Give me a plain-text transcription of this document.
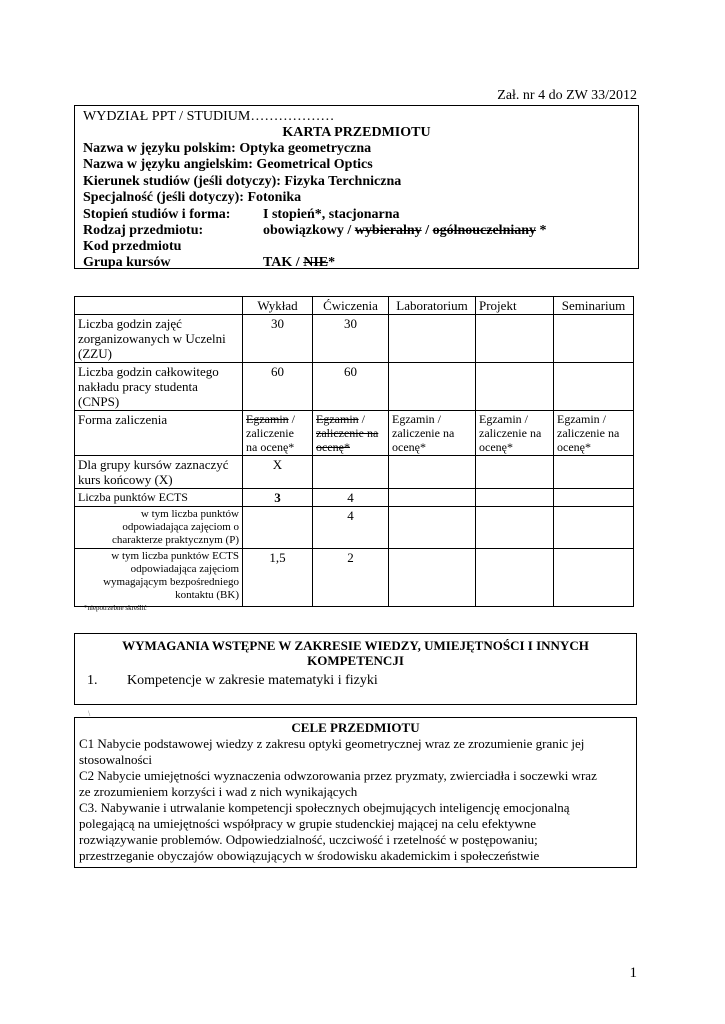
Zał. nr 4 do ZW 33/2012
WYDZIAŁ PPT / STUDIUM………………
KARTA PRZEDMIOTU
Nazwa w języku polskim: Optyka geometryczna
Nazwa w języku angielskim: Geometrical Optics
Kierunek studiów (jeśli dotyczy): Fizyka Terchniczna
Specjalność (jeśli dotyczy): Fotonika
Stopień studiów i forma: I stopień*, stacjonarna
Rodzaj przedmiotu:	obowiązkowy / wybieralny / ogólnouczelniany *
Kod przedmiotu
Grupa kursów	TAK / NIE*
	Wykład	Ćwiczenia	Laboratorium	Projekt	Seminarium
Liczba godzin zajęć zorganizowanych w Uczelni (ZZU)	30	30			
Liczba godzin całkowitego nakładu pracy studenta (CNPS)	60	60			
Forma zaliczenia	Egzamin /
zaliczenie
na ocenę*	Egzamin /
zaliczenie na
ocenę*	Egzamin /
zaliczenie na
ocenę*	Egzamin /
zaliczenie na
ocenę*	Egzamin /
zaliczenie na
ocenę*
Dla grupy kursów zaznaczyć kurs końcowy (X)	X				
Liczba punktów ECTS	3	4			
w tym liczba punktów odpowiadająca zajęciom o charakterze praktycznym (P)		4			
w tym liczba punktów ECTS odpowiadająca zajęciom wymagającym bezpośredniego kontaktu (BK)	1,5	2			
*niepotrzebne skreślić
WYMAGANIA WSTĘPNE W ZAKRESIE WIEDZY, UMIEJĘTNOŚCI I INNYCH KOMPETENCJI
1. Kompetencje w zakresie matematyki i fizyki
\
CELE PRZEDMIOTU
C1 Nabycie podstawowej wiedzy z zakresu optyki geometrycznej wraz ze zrozumienie granic jej
stosowalności
C2 Nabycie umiejętności wyznaczenia odwzorowania przez pryzmaty, zwierciadła i soczewki wraz
ze zrozumieniem korzyści i wad z nich wynikających
C3. Nabywanie i utrwalanie kompetencji społecznych obejmujących inteligencję emocjonalną
polegającą na umiejętności współpracy w grupie studenckiej mającej na celu efektywne
rozwiązywanie problemów. Odpowiedzialność, uczciwość i rzetelność w postępowaniu;
przestrzeganie obyczajów obowiązujących w środowisku akademickim i społeczeństwie
1
